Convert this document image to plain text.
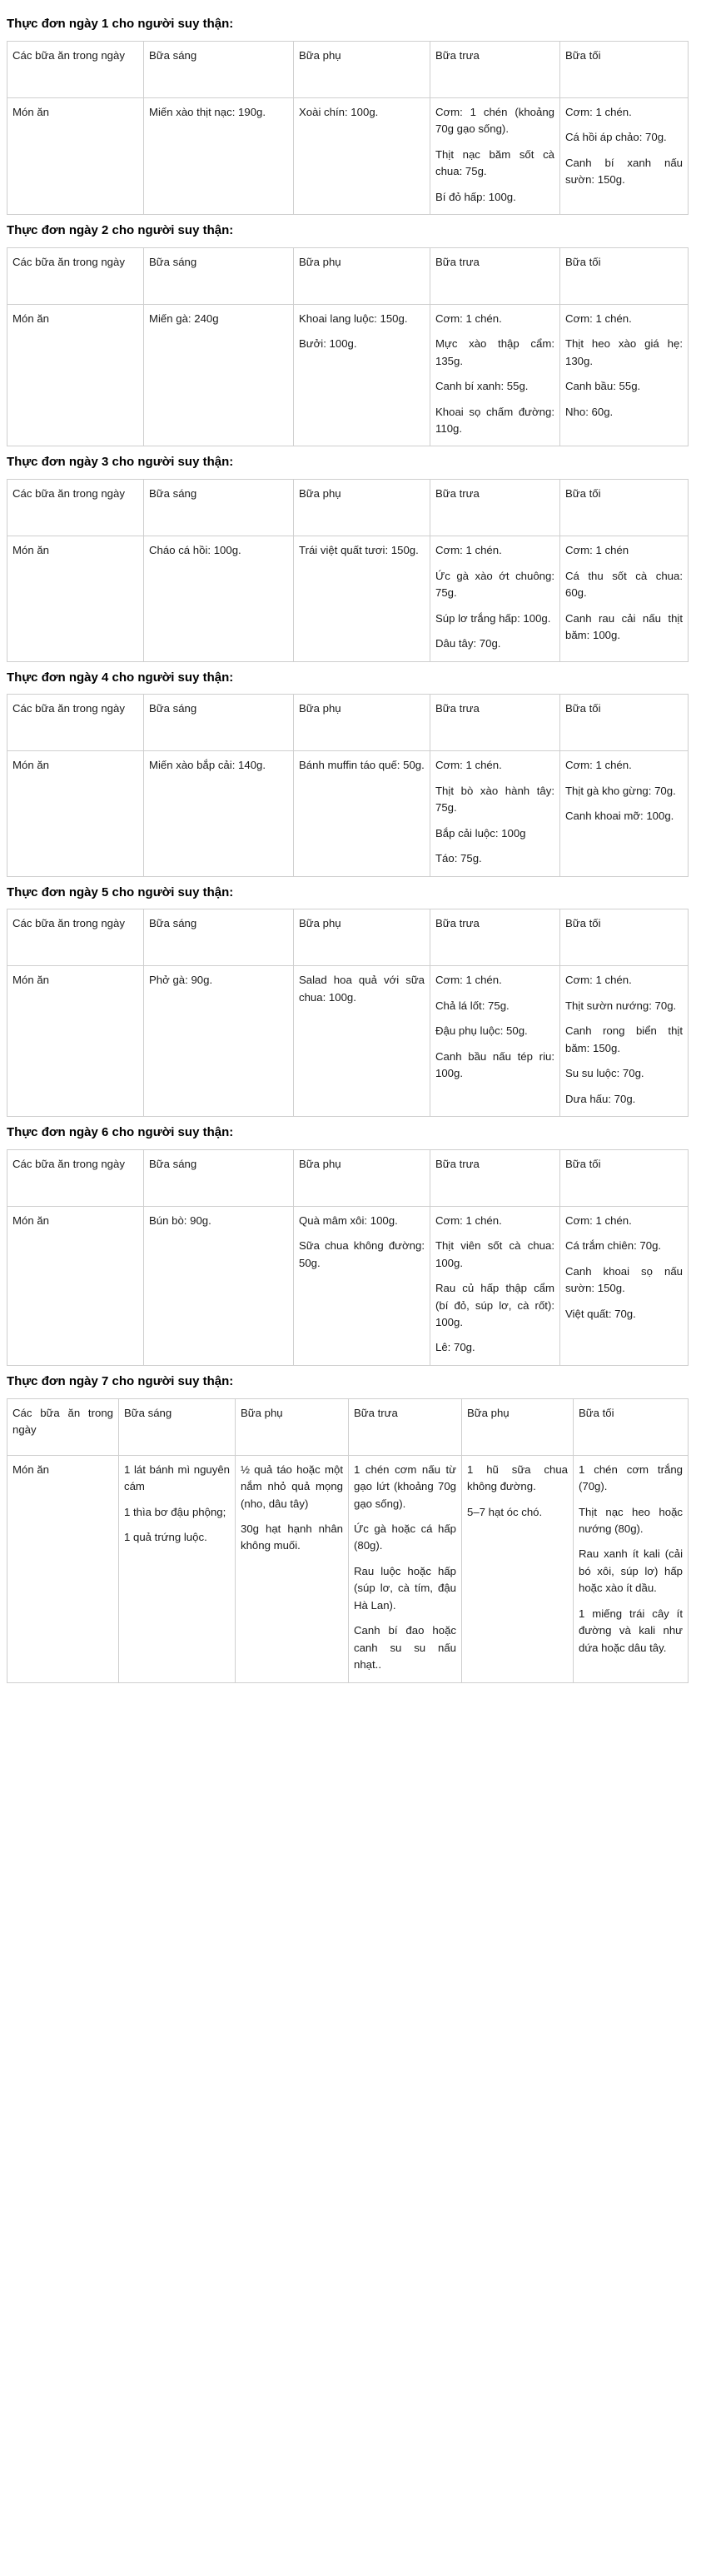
Thực đơn ngày 1 cho người suy thận:
Các bữa ăn trong ngày	Bữa sáng	Bữa phụ	Bữa trưa	Bữa tối
Món ăn	Miến xào thịt nạc: 190g.	Xoài chín: 100g.	Cơm: 1 chén (khoảng 70g gạo sống).
Thịt nạc băm sốt cà chua: 75g.
Bí đỏ hấp: 100g.

Cơm: 1 chén.
Cá hồi áp chảo: 70g.
Canh bí xanh nấu sườn: 150g.
Thực đơn ngày 2 cho người suy thận:
Các bữa ăn trong ngày	Bữa sáng	Bữa phụ	Bữa trưa	Bữa tối
Món ăn	Miến gà: 240g	Khoai lang luộc: 150g.
Bưởi: 100g.

Cơm: 1 chén.
Mực xào thập cẩm: 135g.
Canh bí xanh: 55g.
Khoai sọ chấm đường: 110g.

Cơm: 1 chén.
Thịt heo xào giá hẹ: 130g.
Canh bầu: 55g.
Nho: 60g.
Thực đơn ngày 3 cho người suy thận:
Các bữa ăn trong ngày	Bữa sáng	Bữa phụ	Bữa trưa	Bữa tối
Món ăn	Cháo cá hồi: 100g.	Trái việt quất tươi: 150g.	Cơm: 1 chén.
Ức gà xào ớt chuông: 75g.
Súp lơ trắng hấp: 100g.
Dâu tây: 70g.

Cơm: 1 chén
Cá thu sốt cà chua: 60g.
Canh rau cải nấu thịt băm: 100g.
Thực đơn ngày 4 cho người suy thận:
Các bữa ăn trong ngày	Bữa sáng	Bữa phụ	Bữa trưa	Bữa tối
Món ăn	Miến xào bắp cải: 140g.	Bánh muffin táo quế: 50g.	Cơm: 1 chén.
Thịt bò xào hành tây: 75g.
Bắp cải luộc: 100g
Táo: 75g.

Cơm: 1 chén.
Thịt gà kho gừng: 70g.
Canh khoai mỡ: 100g.
Thực đơn ngày 5 cho người suy thận:
Các bữa ăn trong ngày	Bữa sáng	Bữa phụ	Bữa trưa	Bữa tối
Món ăn	Phở gà: 90g.	Salad hoa quả với sữa chua: 100g.

Cơm: 1 chén.
Chả lá lốt: 75g.
Đậu phụ luộc: 50g.
Canh bầu nấu tép riu: 100g.

Cơm: 1 chén.
Thịt sườn nướng: 70g.
Canh rong biển thịt băm: 150g.
Su su luộc: 70g.
Dưa hấu: 70g.
Thực đơn ngày 6 cho người suy thận:
Các bữa ăn trong ngày	Bữa sáng	Bữa phụ	Bữa trưa	Bữa tối
Món ăn	Bún bò: 90g.	Quà mâm xôi: 100g.
Sữa chua không đường: 50g.

Cơm: 1 chén.
Thịt viên sốt cà chua: 100g.
Rau củ hấp thập cẩm (bí đỏ, súp lơ, cà rốt): 100g.
Lê: 70g.

Cơm: 1 chén.
Cá trắm chiên: 70g.
Canh khoai sọ nấu sườn: 150g.
Việt quất: 70g.
Thực đơn ngày 7 cho người suy thận:
Các bữa ăn trong ngày	Bữa sáng	Bữa phụ	Bữa trưa	Bữa phụ	Bữa tối
Món ăn	1 lát bánh mì nguyên cám
1 thìa bơ đậu phộng;
1 quả trứng luộc.

½ quả táo hoặc một nắm nhỏ quả mọng (nho, dâu tây)
30g hạt hạnh nhân không muối.

1 chén cơm nấu từ gạo lứt (khoảng 70g gạo sống).
Ức gà hoặc cá hấp (80g).
Rau luộc hoặc hấp (súp lơ, cà tím, đậu Hà Lan).
Canh bí đao hoặc canh su su nấu nhạt..

1 hũ sữa chua không đường.
5–7 hạt óc chó.

1 chén cơm trắng (70g).
Thịt nạc heo hoặc nướng (80g).
Rau xanh ít kali (cải bó xôi, súp lơ) hấp hoặc xào ít dầu.
1 miếng trái cây ít đường và kali như dứa hoặc dâu tây.
